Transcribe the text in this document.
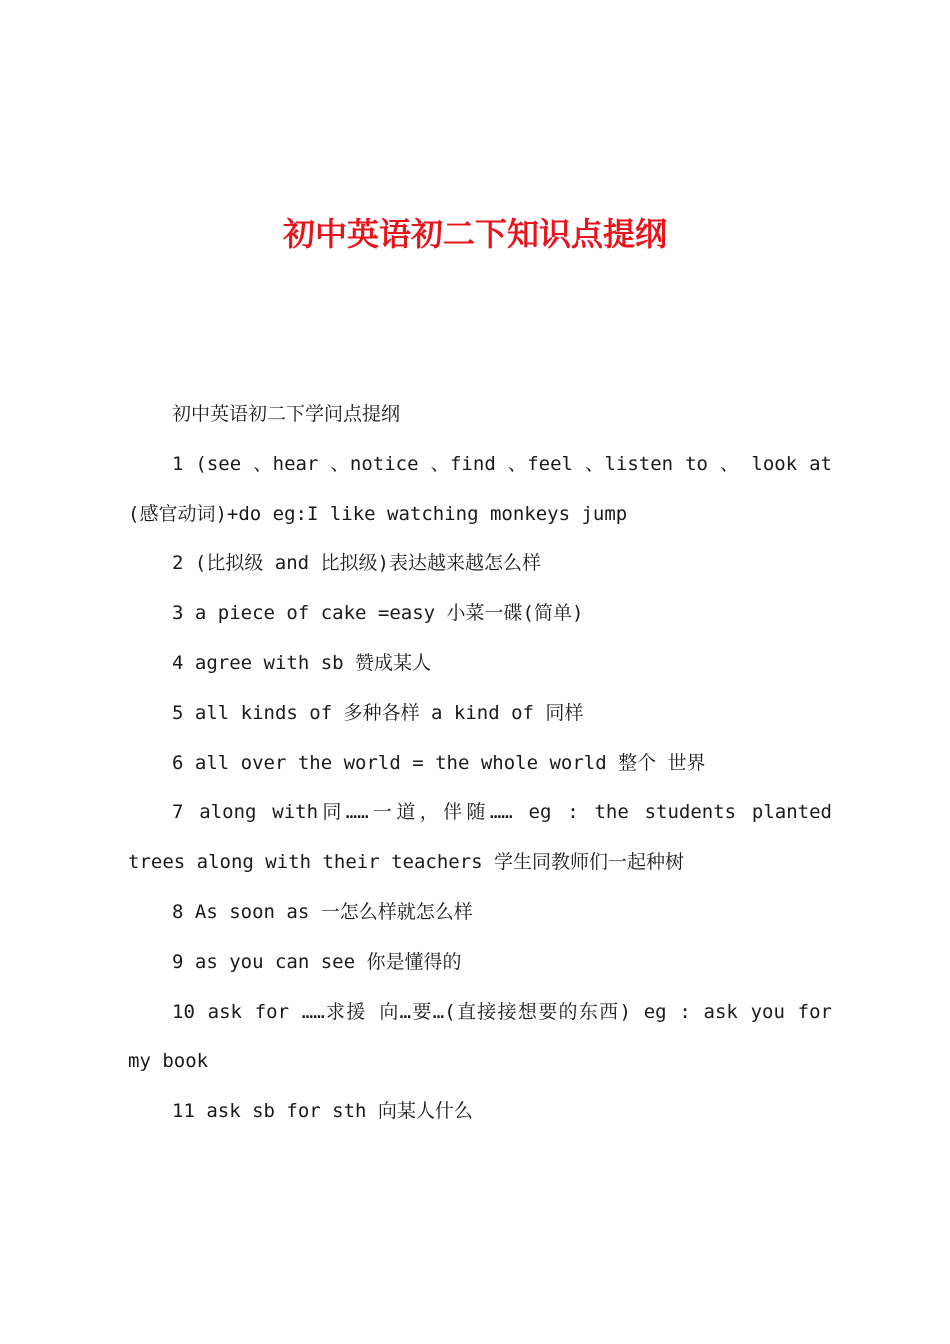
初中英语初二下知识点提纲

初中英语初二下学问点提纲

1 (see 、hear 、notice 、find 、feel 、listen to 、 look at (感官动词)+do eg:I like watching monkeys jump

2 (比拟级 and 比拟级)表达越来越怎么样

3 a piece of cake =easy 小菜一碟(简单)

4 agree with sb 赞成某人

5 all kinds of 多种各样 a kind of 同样

6 all over the world = the whole world 整个 世界

7 along with同……一道，伴随…… eg : the students planted trees along with their teachers 学生同教师们一起种树

8 As soon as 一怎么样就怎么样

9 as you can see 你是懂得的

10 ask for ……求援 向…要…(直接接想要的东西) eg : ask you for my book

11 ask sb for sth 向某人什么
